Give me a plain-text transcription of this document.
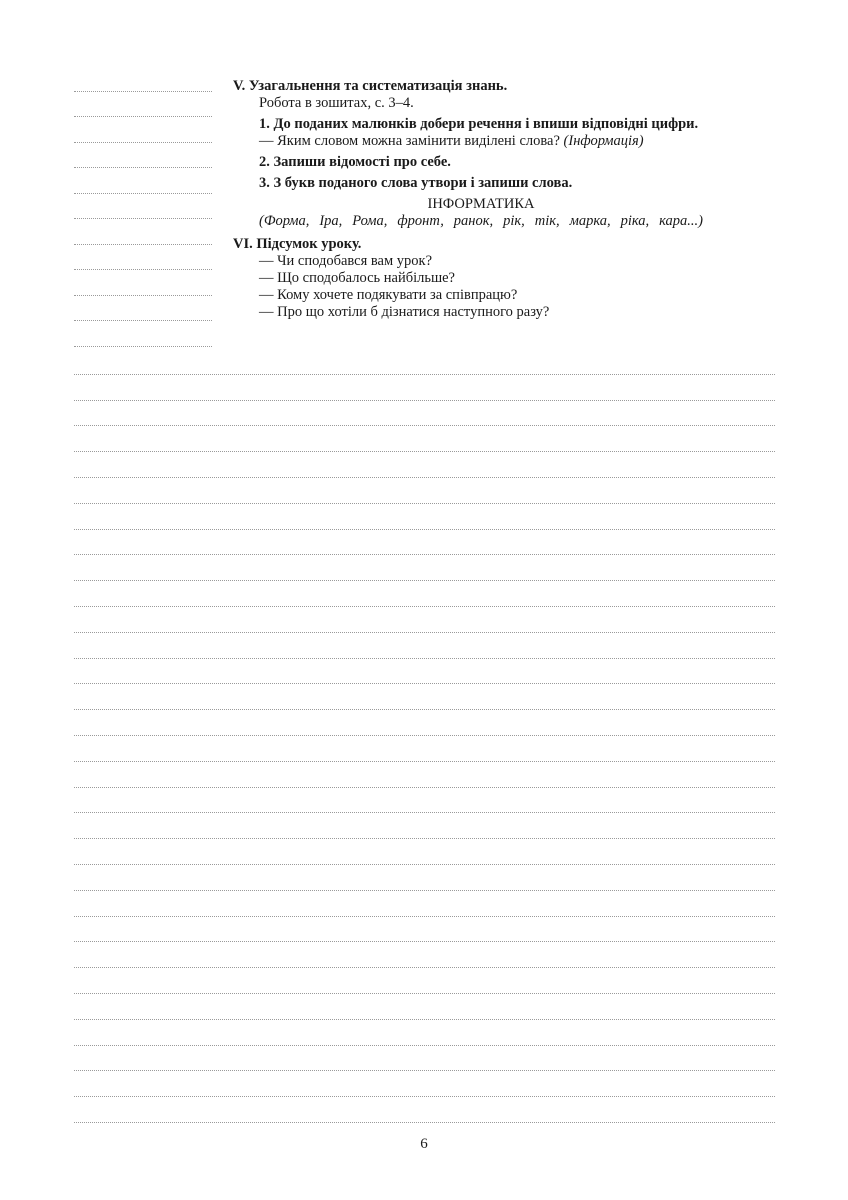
V. Узагальнення та систематизація знань.
Робота в зошитах, с. 3–4.
1. До поданих малюнків добери речення і впиши відповідні цифри.
— Яким словом можна замінити виділені слова? (Інформація)
2. Запиши відомості про себе.
3. З букв поданого слова утвори і запиши слова.
ІНФОРМАТИКА
(Форма, Іра, Рома, фронт, ранок, рік, тік, марка, ріка, кара...)
VI. Підсумок уроку.
— Чи сподобався вам урок?
— Що сподобалось найбільше?
— Кому хочете подякувати за співпрацю?
— Про що хотіли б дізнатися наступного разу?
6
